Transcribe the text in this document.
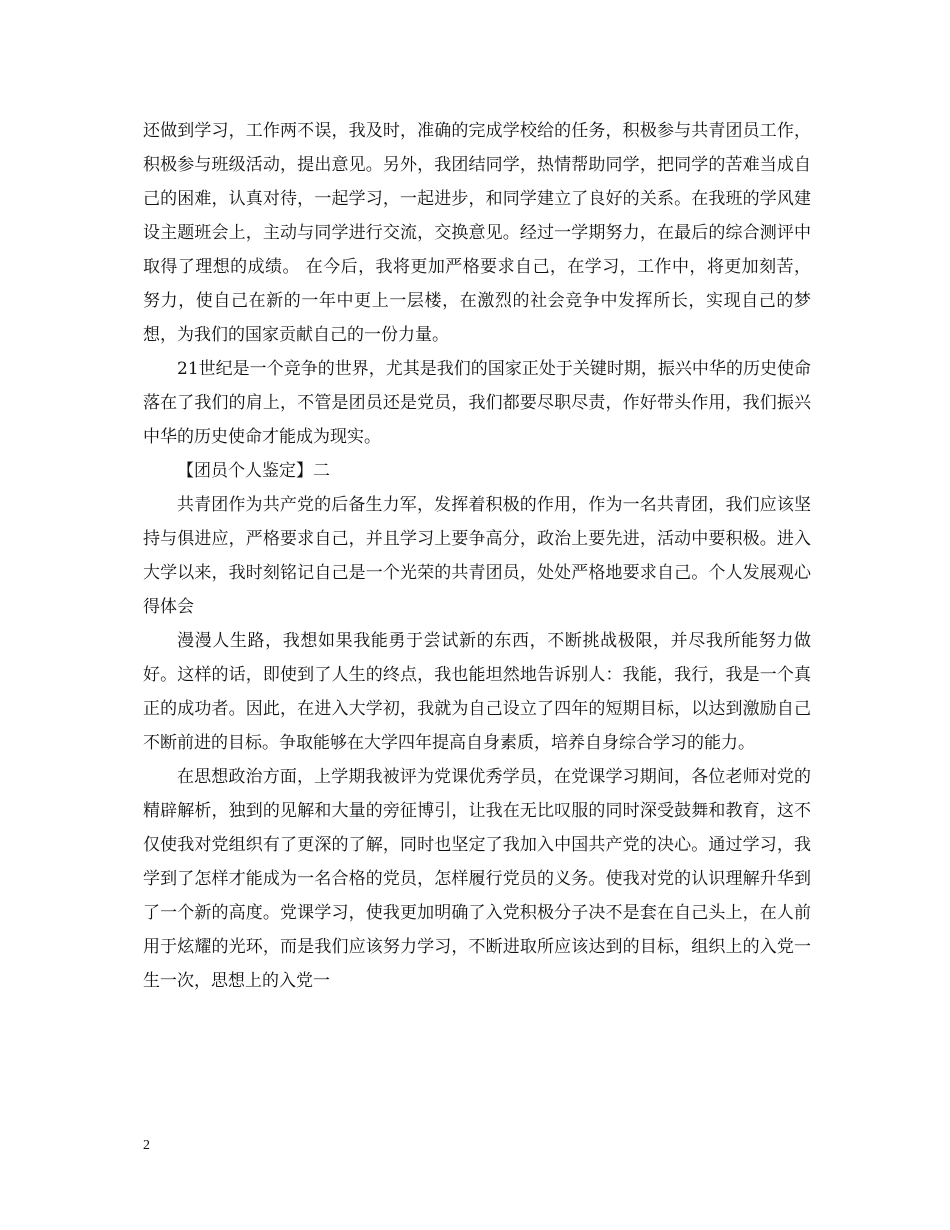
还做到学习，工作两不误，我及时，准确的完成学校给的任务，积极参与共青团员工作，积极参与班级活动，提出意见。另外，我团结同学，热情帮助同学，把同学的苦难当成自己的困难，认真对待，一起学习，一起进步，和同学建立了良好的关系。在我班的学风建设主题班会上，主动与同学进行交流，交换意见。经过一学期努力，在最后的综合测评中取得了理想的成绩。 在今后，我将更加严格要求自己，在学习，工作中，将更加刻苦，努力，使自己在新的一年中更上一层楼，在激烈的社会竞争中发挥所长，实现自己的梦想，为我们的国家贡献自己的一份力量。

21世纪是一个竞争的世界，尤其是我们的国家正处于关键时期，振兴中华的历史使命落在了我们的肩上，不管是团员还是党员，我们都要尽职尽责，作好带头作用，我们振兴中华的历史使命才能成为现实。

【团员个人鉴定】二

共青团作为共产党的后备生力军，发挥着积极的作用，作为一名共青团，我们应该坚持与俱进应，严格要求自己，并且学习上要争高分，政治上要先进，活动中要积极。进入大学以来，我时刻铭记自己是一个光荣的共青团员，处处严格地要求自己。个人发展观心得体会

漫漫人生路，我想如果我能勇于尝试新的东西，不断挑战极限，并尽我所能努力做好。这样的话，即使到了人生的终点，我也能坦然地告诉别人：我能，我行，我是一个真正的成功者。因此，在进入大学初，我就为自己设立了四年的短期目标，以达到激励自己不断前进的目标。争取能够在大学四年提高自身素质，培养自身综合学习的能力。

在思想政治方面，上学期我被评为党课优秀学员，在党课学习期间，各位老师对党的精辟解析，独到的见解和大量的旁征博引，让我在无比叹服的同时深受鼓舞和教育，这不仅使我对党组织有了更深的了解，同时也坚定了我加入中国共产党的决心。通过学习，我学到了怎样才能成为一名合格的党员，怎样履行党员的义务。使我对党的认识理解升华到了一个新的高度。党课学习，使我更加明确了入党积极分子决不是套在自己头上，在人前用于炫耀的光环，而是我们应该努力学习，不断进取所应该达到的目标，组织上的入党一生一次，思想上的入党一

2
